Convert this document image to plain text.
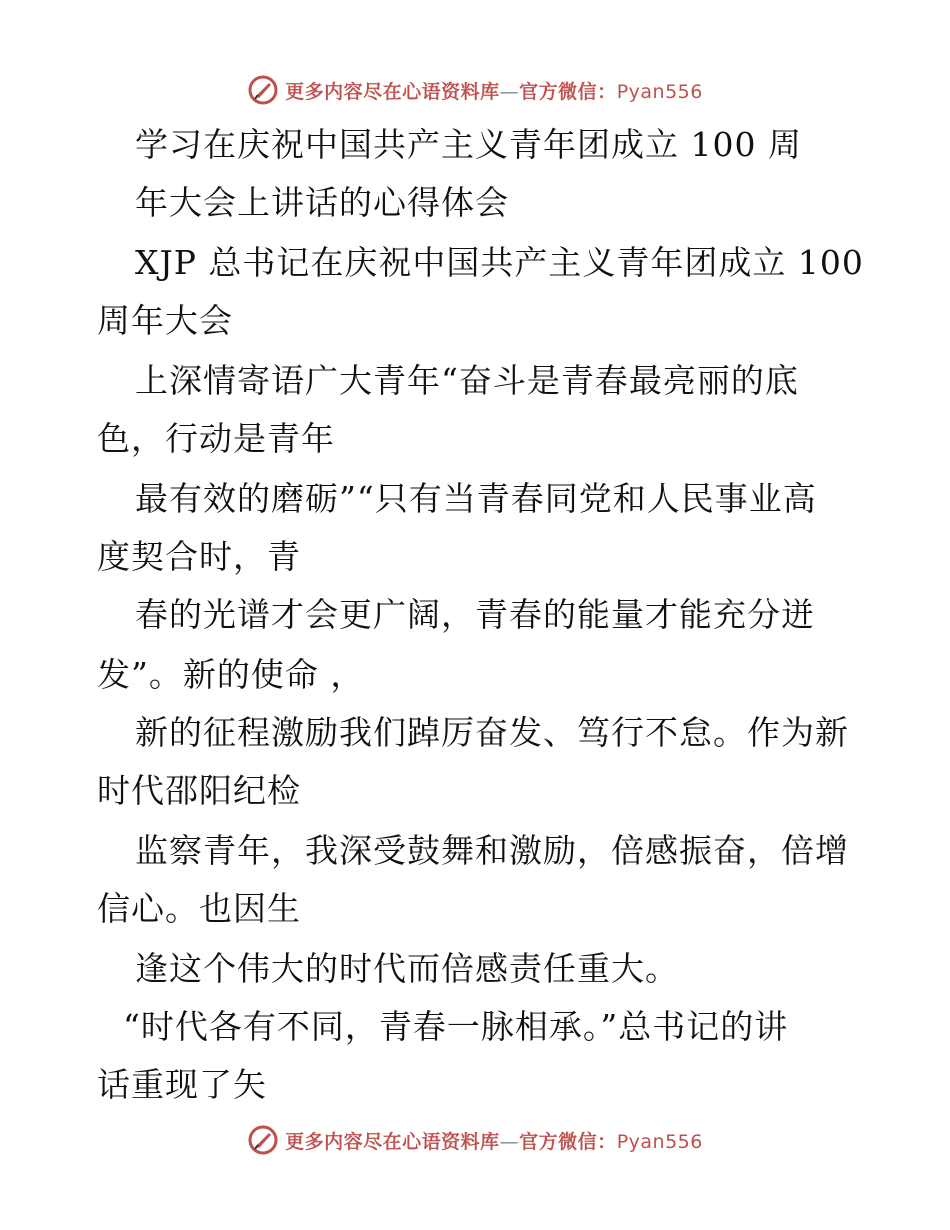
更多内容尽在心语资料库—官方微信：Pyan556
学习在庆祝中国共产主义青年团成立 100 周
年大会上讲话的心得体会
XJP 总书记在庆祝中国共产主义青年团成立 100
周年大会
上深情寄语广大青年“奋斗是青春最亮丽的底
色，行动是青年
最有效的磨砺”“只有当青春同党和人民事业高
度契合时，青
春的光谱才会更广阔，青春的能量才能充分迸
发”。新的使命 ，
新的征程激励我们踔厉奋发、笃行不怠。作为新
时代邵阳纪检
监察青年，我深受鼓舞和激励，倍感振奋，倍增
信心。也因生
逢这个伟大的时代而倍感责任重大。
“时代各有不同，青春一脉相承。”总书记的讲
话重现了矢
更多内容尽在心语资料库—官方微信：Pyan556
